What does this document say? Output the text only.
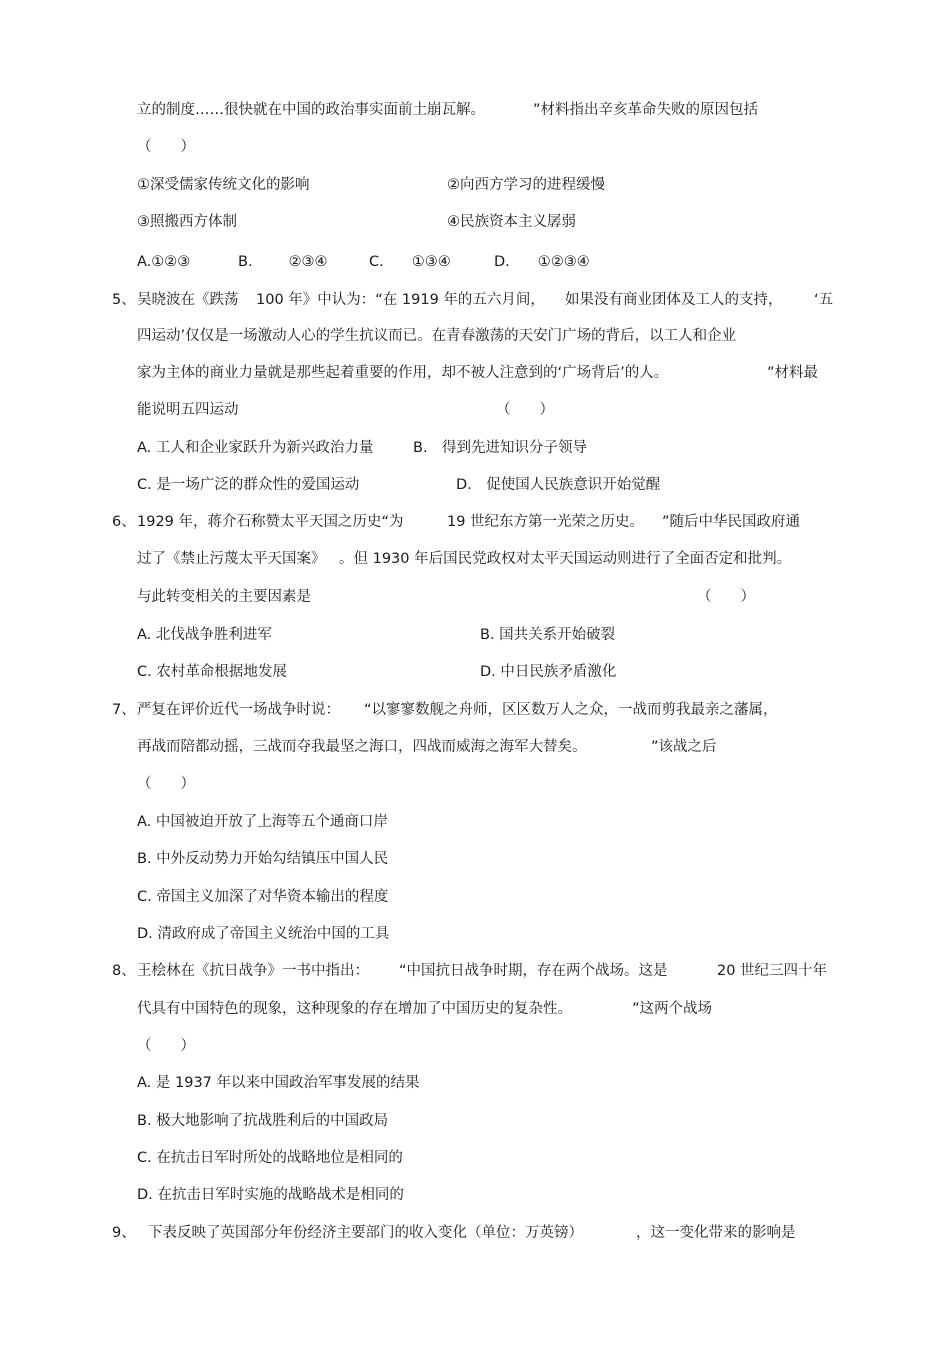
立的制度……很快就在中国的政治事实面前土崩瓦解。	”材料指出辛亥革命失败的原因包括
（　　）
①深受儒家传统文化的影响	②向西方学习的进程缓慢
③照搬西方体制	④民族资本主义孱弱
A.①②③	B. ②③④	C. ①③④	D. ①②③④
5、 吴晓波在《跌荡 100 年》中认为：“在 1919 年的五六月间， 如果没有商业团体及工人的支持， ‘五
四运动’仅仅是一场激动人心的学生抗议而已。在青春激荡的天安门广场的背后，以工人和企业
家为主体的商业力量就是那些起着重要的作用，却不被人注意到的‘广场背后’的人。	”材料最
能说明五四运动	（　　）
A. 工人和企业家跃升为新兴政治力量	B.　得到先进知识分子领导
C. 是一场广泛的群众性的爱国运动	D.　促使国人民族意识开始觉醒
6、 1929 年，蒋介石称赞太平天国之历史“为	19 世纪东方第一光荣之历史。 ”随后中华民国政府通
过了《禁止污蔑太平天国案》 。但 1930 年后国民党政权对太平天国运动则进行了全面否定和批判。
与此转变相关的主要因素是	（　　）
A. 北伐战争胜利进军	B. 国共关系开始破裂
C. 农村革命根据地发展	D. 中日民族矛盾激化
7、 严复在评价近代一场战争时说： “以寥寥数舰之舟师，区区数万人之众，一战而剪我最亲之藩属，
再战而陪都动摇，三战而夺我最坚之海口，四战而威海之海军大替矣。	”该战之后
（　　）
A. 中国被迫开放了上海等五个通商口岸
B. 中外反动势力开始勾结镇压中国人民
C. 帝国主义加深了对华资本输出的程度
D. 清政府成了帝国主义统治中国的工具
8、 王桧林在《抗日战争》一书中指出： “中国抗日战争时期，存在两个战场。这是	20 世纪三四十年
代具有中国特色的现象，这种现象的存在增加了中国历史的复杂性。	”这两个战场
（　　）
A. 是 1937 年以来中国政治军事发展的结果
B. 极大地影响了抗战胜利后的中国政局
C. 在抗击日军时所处的战略地位是相同的
D. 在抗击日军时实施的战略战术是相同的
9、 下表反映了英国部分年份经济主要部门的收入变化（单位：万英镑）	，这一变化带来的影响是
